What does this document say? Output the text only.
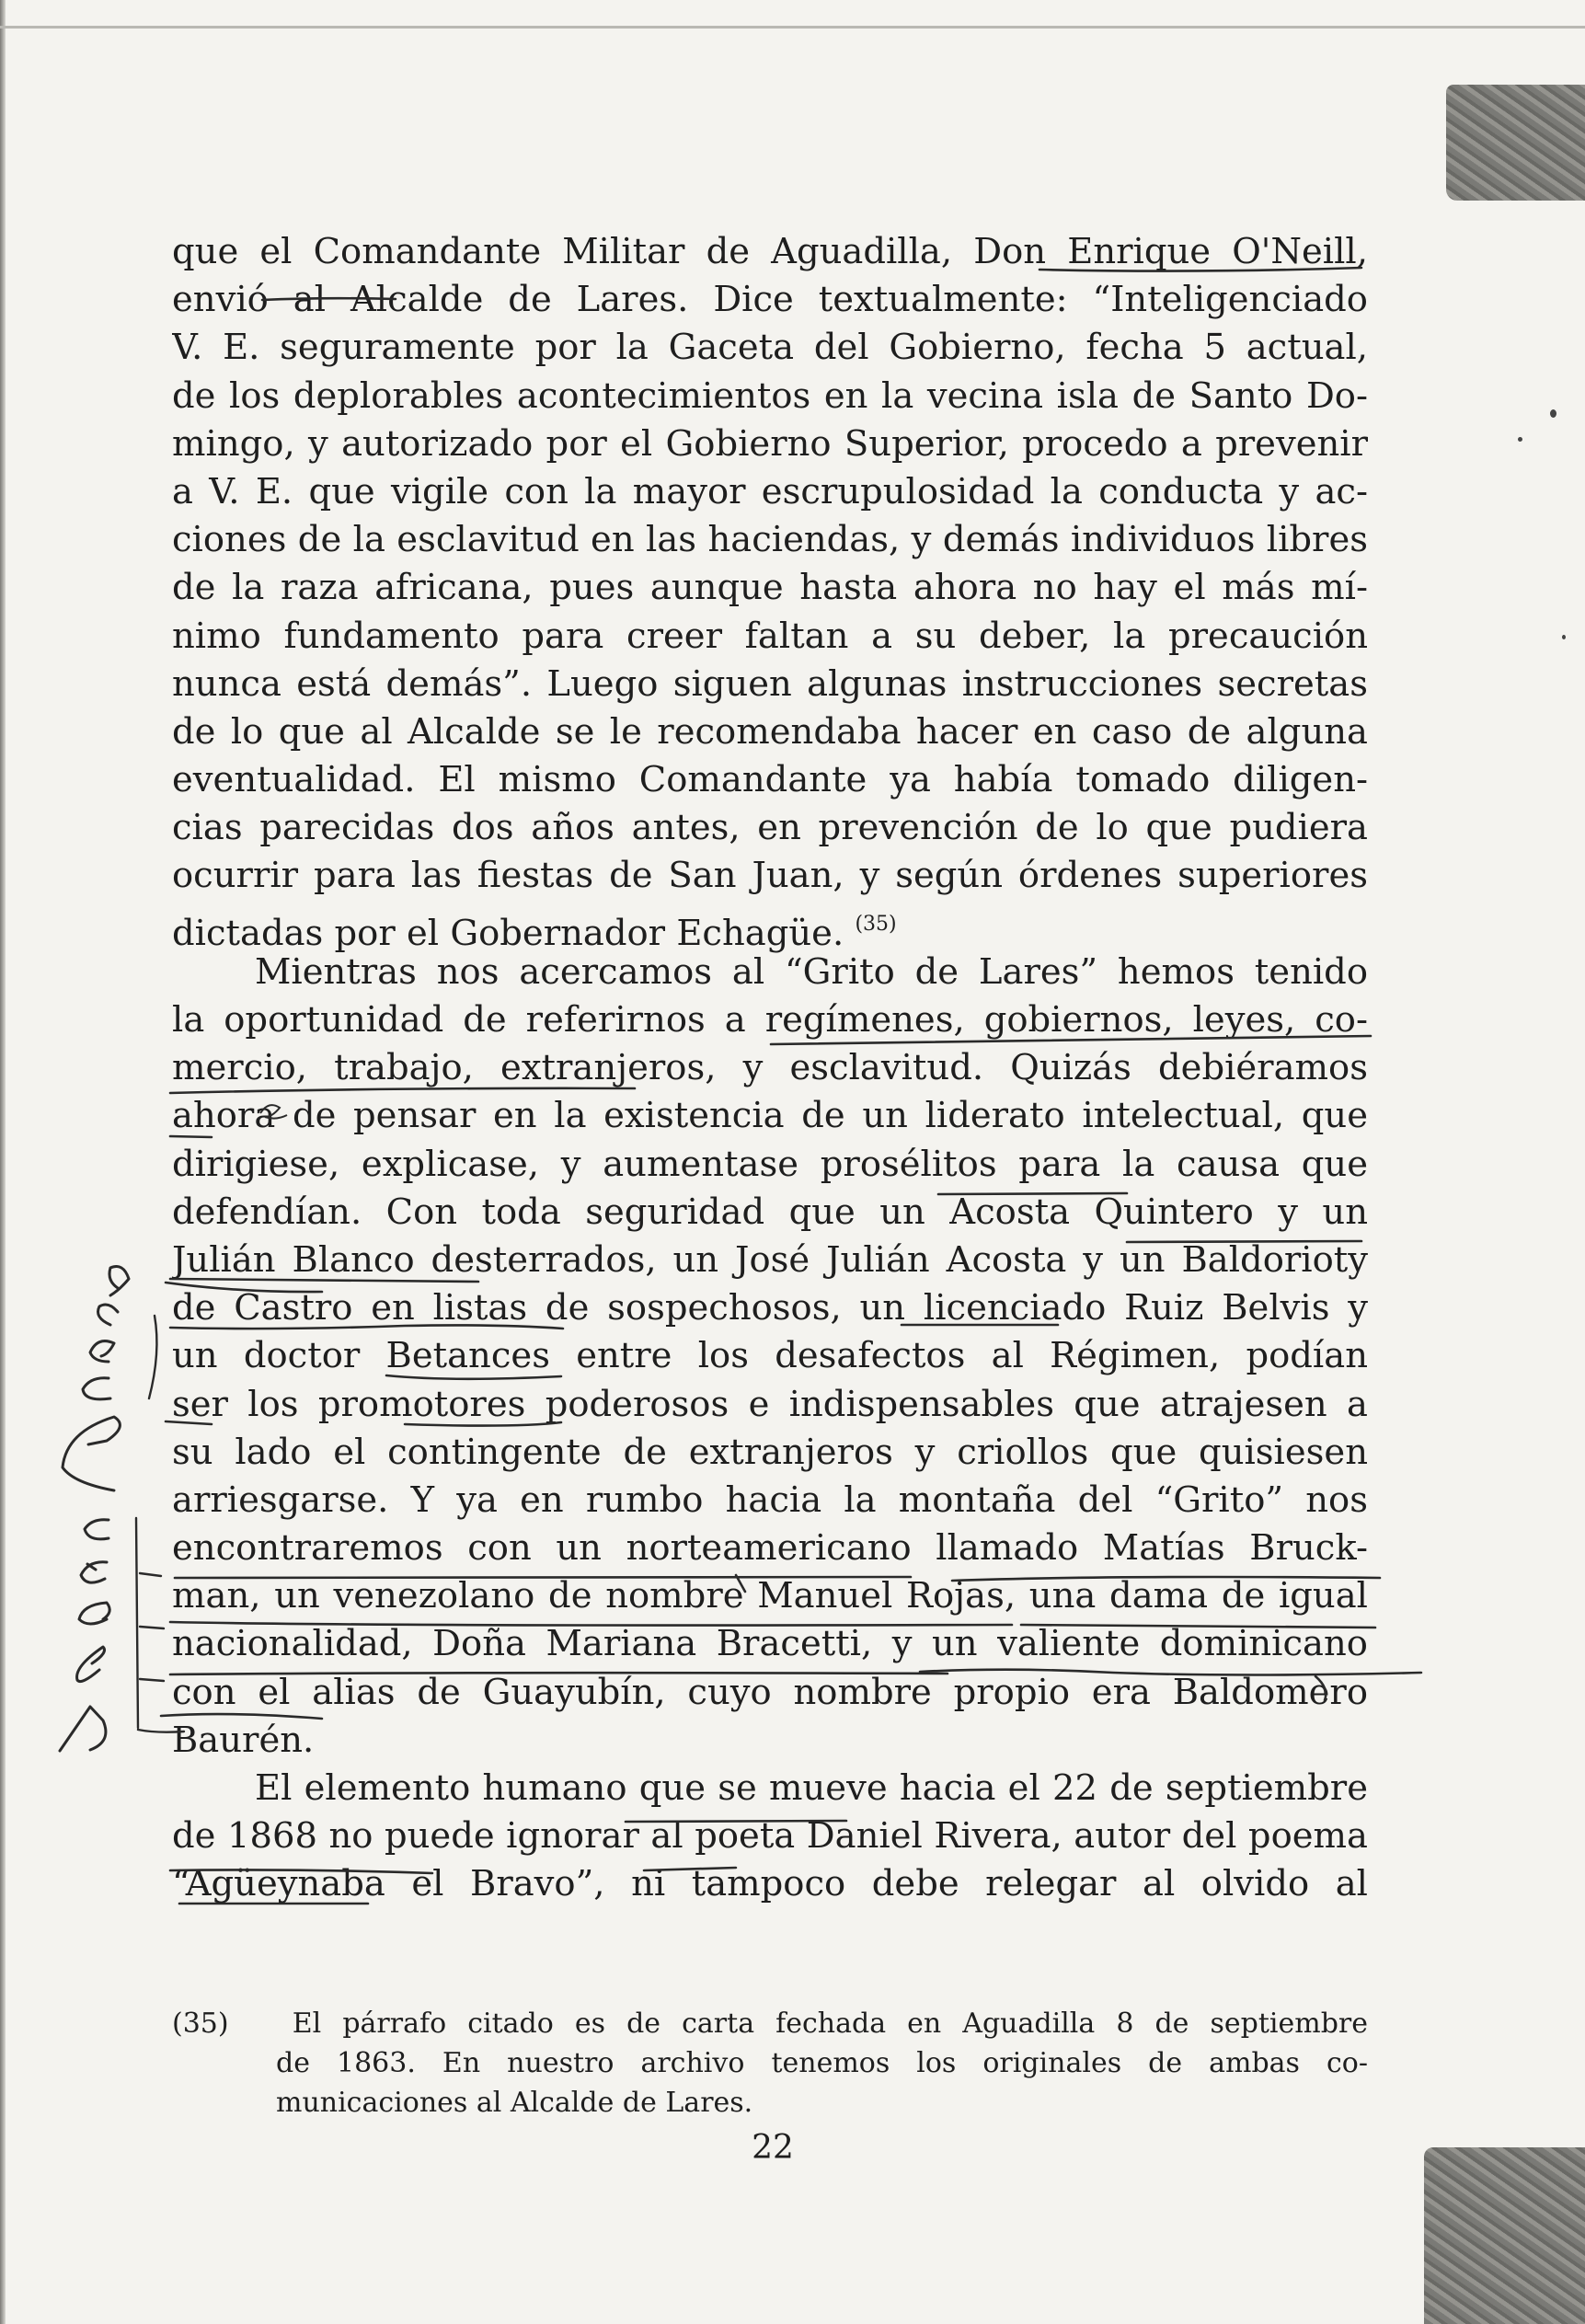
que el Comandante Militar de Aguadilla, Don Enrique O'Neill,
envió al Alcalde de Lares. Dice textualmente: “Inteligenciado
V. E. seguramente por la Gaceta del Gobierno, fecha 5 actual,
de los deplorables acontecimientos en la vecina isla de Santo Do-
mingo, y autorizado por el Gobierno Superior, procedo a prevenir
a V. E. que vigile con la mayor escrupulosidad la conducta y ac-
ciones de la esclavitud en las haciendas, y demás individuos libres
de la raza africana, pues aunque hasta ahora no hay el más mí-
nimo fundamento para creer faltan a su deber, la precaución
nunca está demás”. Luego siguen algunas instrucciones secretas
de lo que al Alcalde se le recomendaba hacer en caso de alguna
eventualidad. El mismo Comandante ya había tomado diligen-
cias parecidas dos años antes, en prevención de lo que pudiera
ocurrir para las fiestas de San Juan, y según órdenes superiores
dictadas por el Gobernador Echagüe. $^{(35)}$
Mientras nos acercamos al “Grito de Lares” hemos tenido
la oportunidad de referirnos a regímenes, gobiernos, leyes, co-
mercio, trabajo, extranjeros, y esclavitud. Quizás debiéramos
ahora de pensar en la existencia de un liderato intelectual, que
dirigiese, explicase, y aumentase prosélitos para la causa que
defendían. Con toda seguridad que un Acosta Quintero y un
Julián Blanco desterrados, un José Julián Acosta y un Baldorioty
de Castro en listas de sospechosos, un licenciado Ruiz Belvis y
un doctor Betances entre los desafectos al Régimen, podían
ser los promotores poderosos e indispensables que atrajesen a
su lado el contingente de extranjeros y criollos que quisiesen
arriesgarse. Y ya en rumbo hacia la montaña del “Grito” nos
encontraremos con un norteamericano llamado Matías Bruck-
man, un venezolano de nombre Manuel Rojas, una dama de igual
nacionalidad, Doña Mariana Bracetti, y un valiente dominicano
con el alias de Guayubín, cuyo nombre propio era Baldomero
Baurén.
El elemento humano que se mueve hacia el 22 de septiembre
de 1868 no puede ignorar al poeta Daniel Rivera, autor del poema
“Agüeynaba el Bravo”, ni tampoco debe relegar al olvido al
(35) El párrafo citado es de carta fechada en Aguadilla 8 de septiembre
de 1863. En nuestro archivo tenemos los originales de ambas co-
municaciones al Alcalde de Lares.
22
